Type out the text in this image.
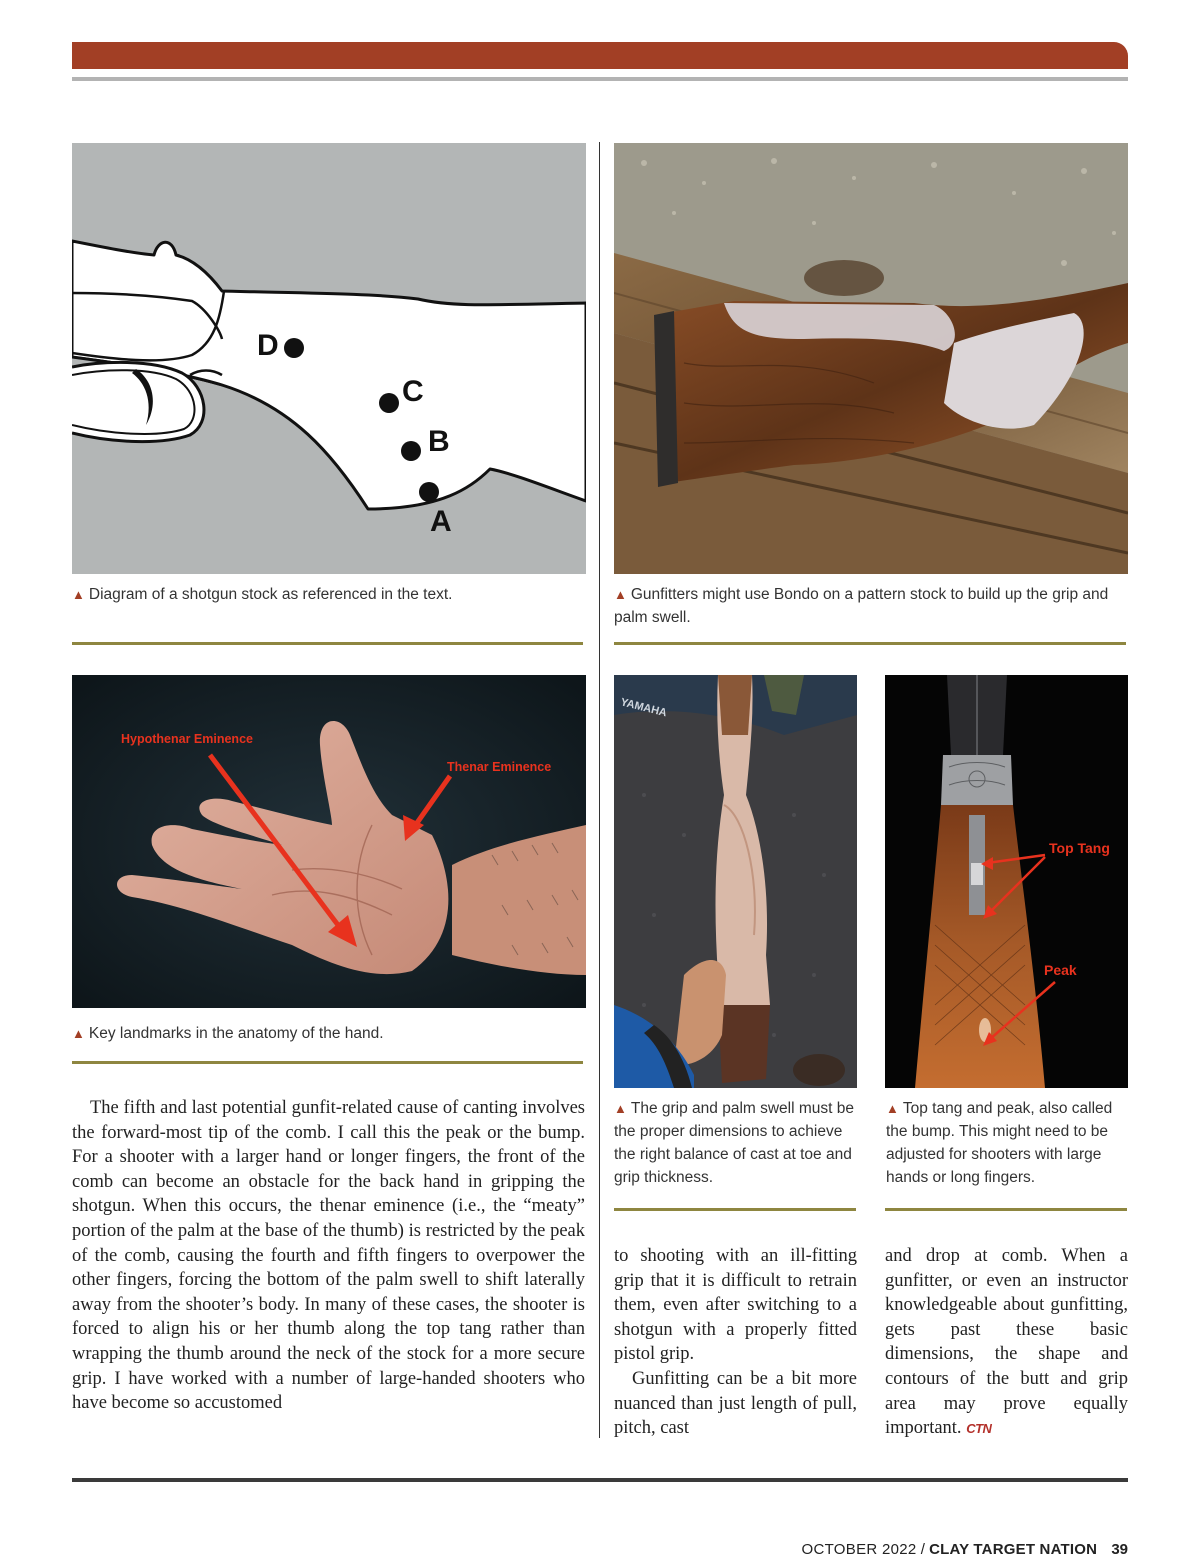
D
C
B
A
▲ Diagram of a shotgun stock as referenced in the text.	▲ Gunfitters might use Bondo on a pattern stock to build up the grip and palm swell.
Hypothenar Eminence
Thenar Eminence
▲ Key landmarks in the anatomy of the hand.
YAMAHA
▲ The grip and palm swell must be the proper dimensions to achieve the right balance of cast at toe and grip thickness.
Top Tang
Peak
▲ Top tang and peak, also called the bump. This might need to be adjusted for shooters with large hands or long fingers.

The fifth and last potential gunfit-related cause of canting involves the forward-most tip of the comb. I call this the peak or the bump. For a shooter with a larger hand or longer fingers, the front of the comb can become an obstacle for the back hand in gripping the shotgun. When this occurs, the thenar eminence (i.e., the “meaty” portion of the palm at the base of the thumb) is restricted by the peak of the comb, causing the fourth and fifth fingers to overpower the other fingers, forcing the bottom of the palm swell to shift laterally away from the shooter’s body. In many of these cases, the shooter is forced to align his or her thumb along the top tang rather than wrapping the thumb around the neck of the stock for a more secure grip. I have worked with a number of large-handed shooters who have become so accustomed

to shooting with an ill-fitting grip that it is difficult to retrain them, even after switching to a shotgun with a properly fitted pistol grip.

Gunfitting can be a bit more nuanced than just length of pull, pitch, cast

and drop at comb. When a gunfitter, or even an instructor knowledgeable about gunfitting, gets past these basic dimensions, the shape and contours of the butt and grip area may prove equally important. CTN

OCTOBER 2022 / CLAY TARGET NATION 39
